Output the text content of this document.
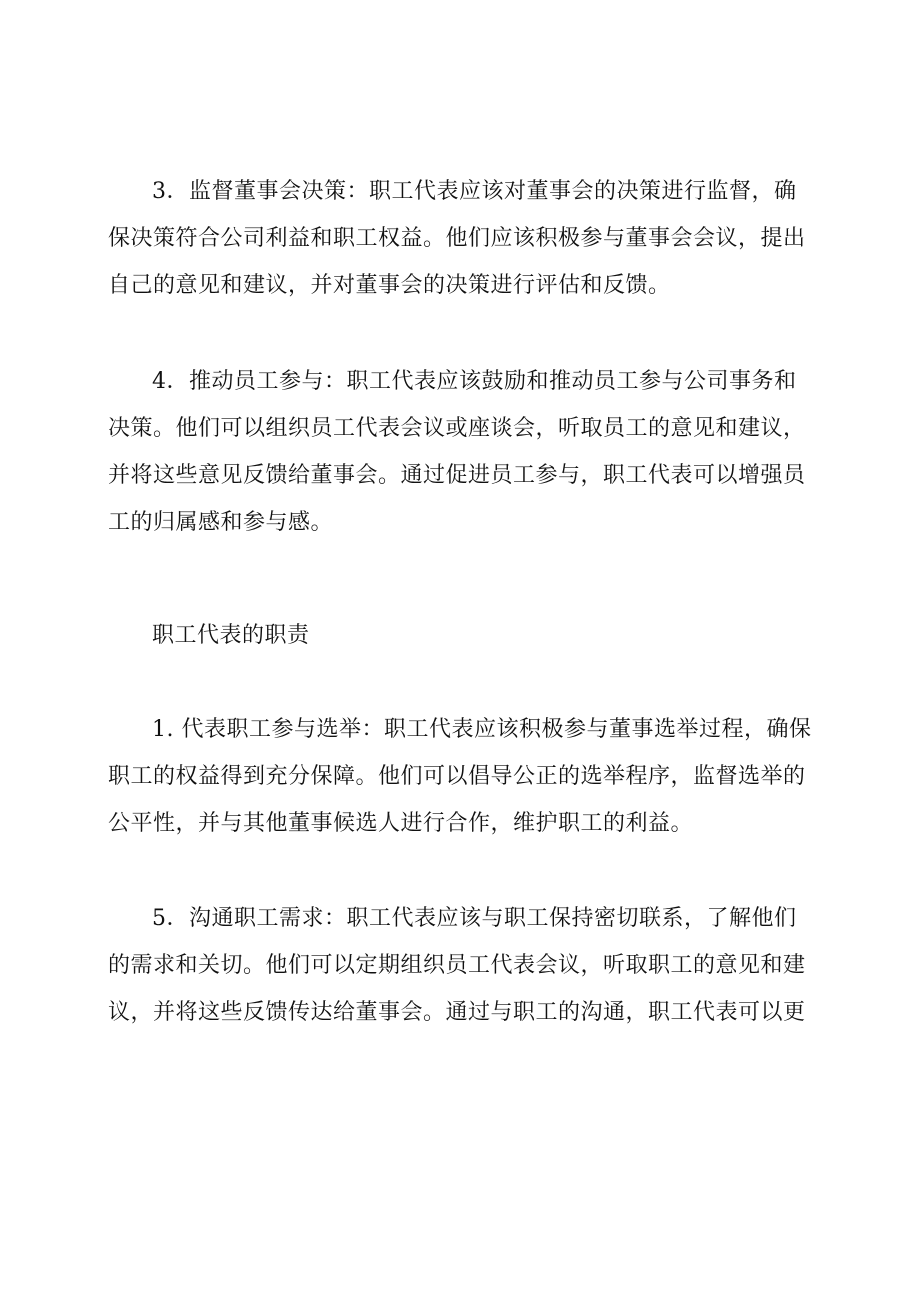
3．监督董事会决策：职工代表应该对董事会的决策进行监督，确
保决策符合公司利益和职工权益。他们应该积极参与董事会会议，提出
自己的意见和建议，并对董事会的决策进行评估和反馈。

4．推动员工参与：职工代表应该鼓励和推动员工参与公司事务和
决策。他们可以组织员工代表会议或座谈会，听取员工的意见和建议，
并将这些意见反馈给董事会。通过促进员工参与，职工代表可以增强员
工的归属感和参与感。

职工代表的职责

1. 代表职工参与选举：职工代表应该积极参与董事选举过程，确保
职工的权益得到充分保障。他们可以倡导公正的选举程序，监督选举的
公平性，并与其他董事候选人进行合作，维护职工的利益。

5．沟通职工需求：职工代表应该与职工保持密切联系，了解他们
的需求和关切。他们可以定期组织员工代表会议，听取职工的意见和建
议，并将这些反馈传达给董事会。通过与职工的沟通，职工代表可以更
